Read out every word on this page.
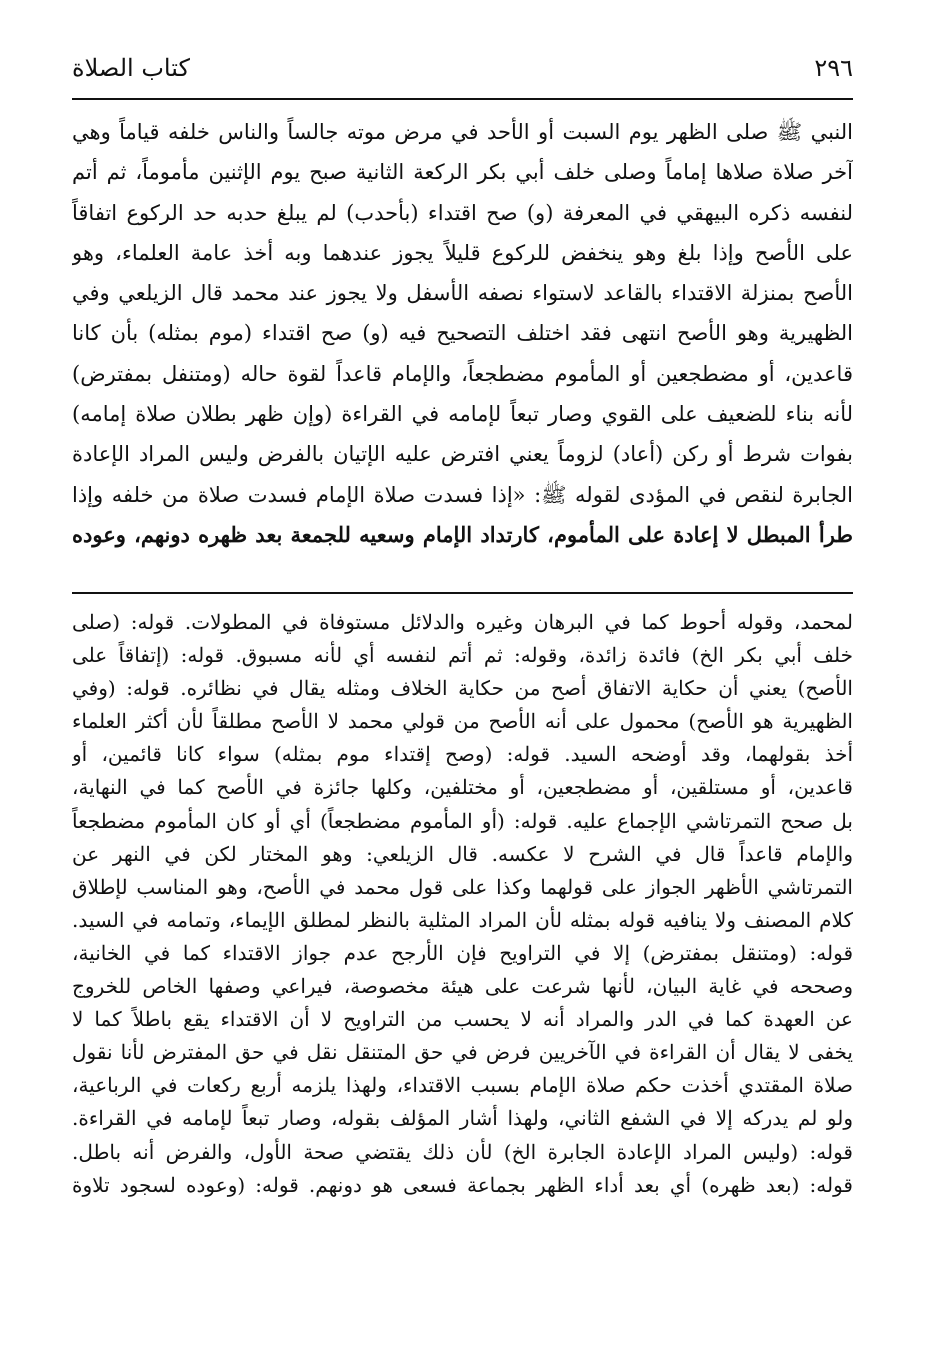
٢٩٦
كتاب الصلاة
النبي ﷺ صلى الظهر يوم السبت أو الأحد في مرض موته جالساً والناس خلفه قياماً وهي
آخر صلاة صلاها إماماً وصلى خلف أبي بكر الركعة الثانية صبح يوم الإثنين مأموماً، ثم أتم
لنفسه ذكره البيهقي في المعرفة (و) صح اقتداء (بأحدب) لم يبلغ حدبه حد الركوع اتفاقاً
على الأصح وإذا بلغ وهو ينخفض للركوع قليلاً يجوز عندهما وبه أخذ عامة العلماء، وهو
الأصح بمنزلة الاقتداء بالقاعد لاستواء نصفه الأسفل ولا يجوز عند محمد قال الزيلعي وفي
الظهيرية وهو الأصح انتهى فقد اختلف التصحيح فيه (و) صح اقتداء (موم بمثله) بأن كانا
قاعدين، أو مضطجعين أو المأموم مضطجعاً، والإمام قاعداً لقوة حاله (ومتنفل بمفترض)
لأنه بناء للضعيف على القوي وصار تبعاً لإمامه في القراءة (وإن ظهر بطلان صلاة إمامه)
بفوات شرط أو ركن (أعاد) لزوماً يعني افترض عليه الإتيان بالفرض وليس المراد الإعادة
الجابرة لنقص في المؤدى لقوله ﷺ: «إذا فسدت صلاة الإمام فسدت صلاة من خلفه وإذا
طرأ المبطل لا إعادة على المأموم، كارتداد الإمام وسعيه للجمعة بعد ظهره دونهم، وعوده
لمحمد، وقوله أحوط كما في البرهان وغيره والدلائل مستوفاة في المطولات. قوله: (صلى
خلف أبي بكر الخ) فائدة زائدة، وقوله: ثم أتم لنفسه أي لأنه مسبوق. قوله: (إتفاقاً على
الأصح) يعني أن حكاية الاتفاق أصح من حكاية الخلاف ومثله يقال في نظائره. قوله: (وفي
الظهيرية هو الأصح) محمول على أنه الأصح من قولي محمد لا الأصح مطلقاً لأن أكثر العلماء
أخذ بقولهما، وقد أوضحه السيد. قوله: (وصح إقتداء موم بمثله) سواء كانا قائمين، أو
قاعدين، أو مستلقين، أو مضطجعين، أو مختلفين، وكلها جائزة في الأصح كما في النهاية،
بل صحح التمرتاشي الإجماع عليه. قوله: (أو المأموم مضطجعاً) أي أو كان المأموم مضطجعاً
والإمام قاعداً قال في الشرح لا عكسه. قال الزيلعي: وهو المختار لكن في النهر عن
التمرتاشي الأظهر الجواز على قولهما وكذا على قول محمد في الأصح، وهو المناسب لإطلاق
كلام المصنف ولا ينافيه قوله بمثله لأن المراد المثلية بالنظر لمطلق الإيماء، وتمامه في السيد.
قوله: (ومتنقل بمفترض) إلا في التراويح فإن الأرجح عدم جواز الاقتداء كما في الخانية،
وصححه في غاية البيان، لأنها شرعت على هيئة مخصوصة، فيراعي وصفها الخاص للخروج
عن العهدة كما في الدر والمراد أنه لا يحسب من التراويح لا أن الاقتداء يقع باطلاً كما لا
يخفى لا يقال أن القراءة في الآخريين فرض في حق المتنقل نقل في حق المفترض لأنا نقول
صلاة المقتدي أخذت حكم صلاة الإمام بسبب الاقتداء، ولهذا يلزمه أربع ركعات في الرباعية،
ولو لم يدركه إلا في الشفع الثاني، ولهذا أشار المؤلف بقوله، وصار تبعاً لإمامه في القراءة.
قوله: (وليس المراد الإعادة الجابرة الخ) لأن ذلك يقتضي صحة الأول، والفرض أنه باطل.
قوله: (بعد ظهره) أي بعد أداء الظهر بجماعة فسعى هو دونهم. قوله: (وعوده لسجود تلاوة
